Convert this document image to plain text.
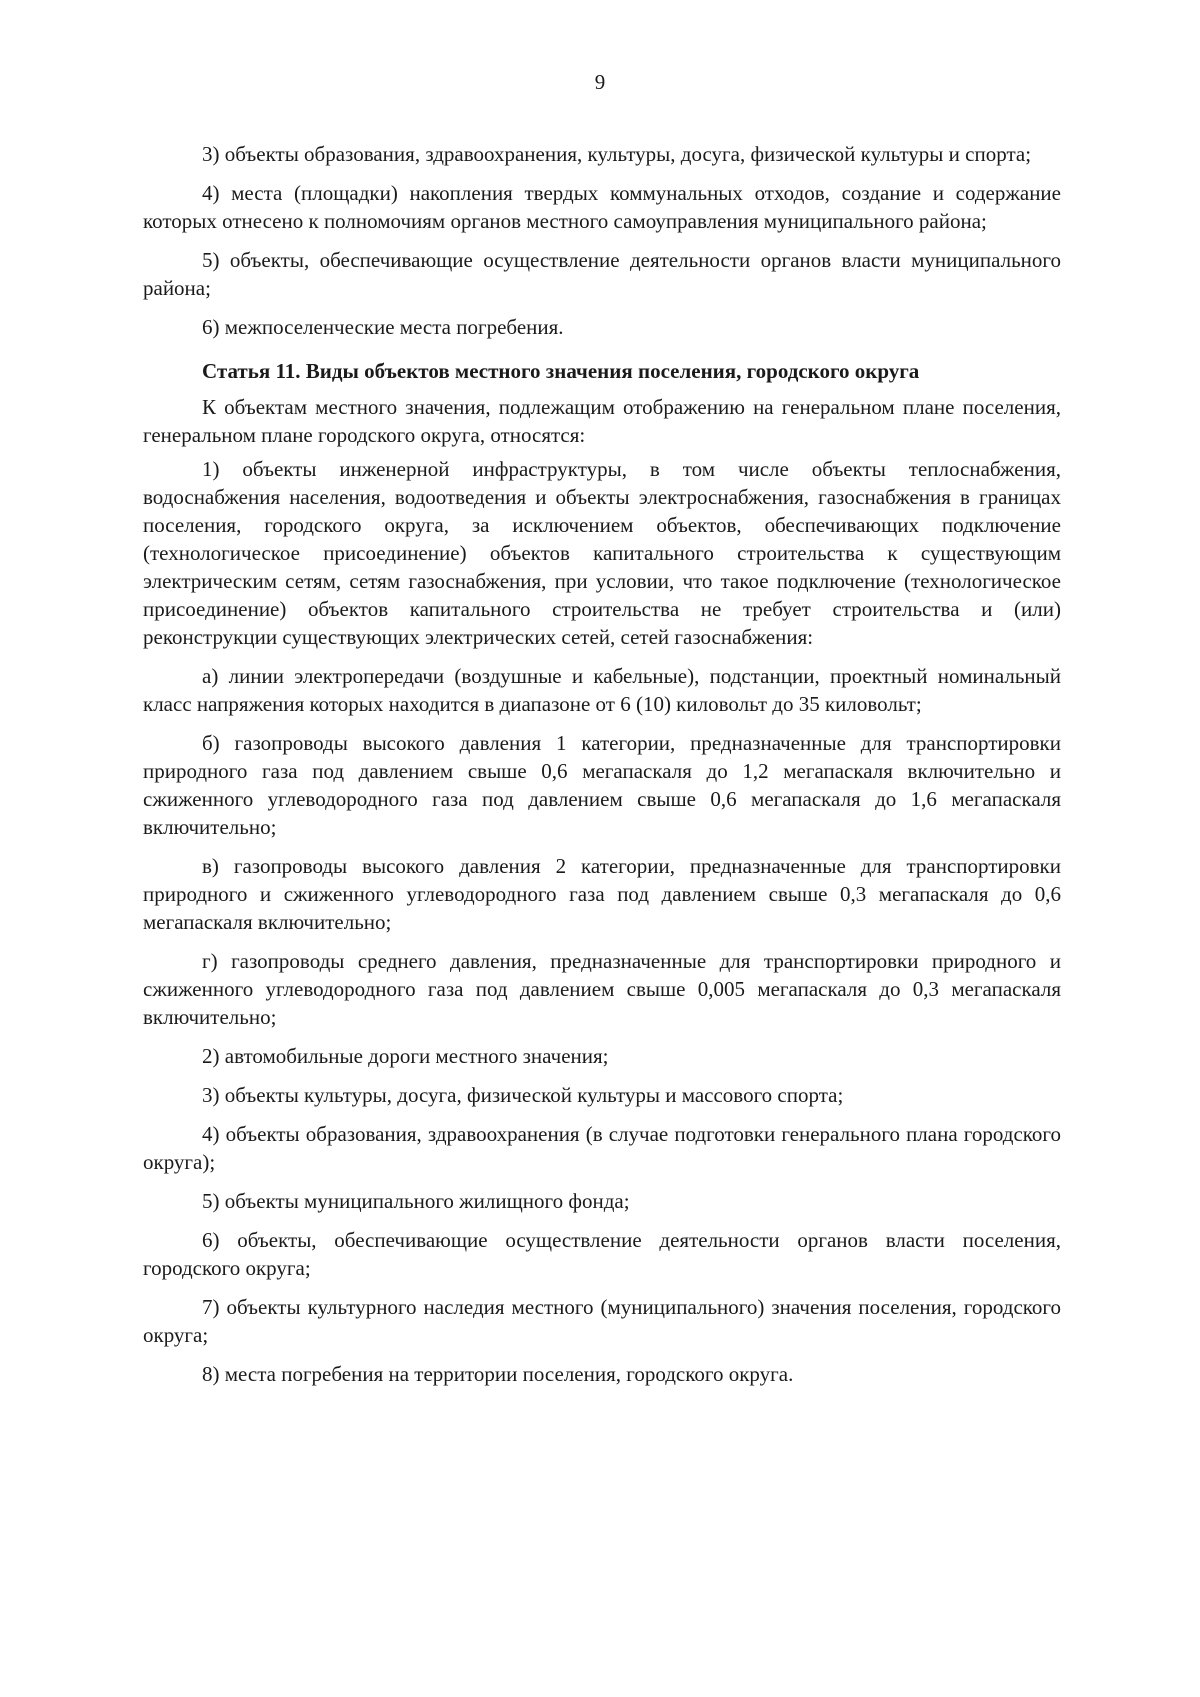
9

3) объекты образования, здравоохранения, культуры, досуга, физической культуры и спорта;

4) места (площадки) накопления твердых коммунальных отходов, создание и содержание которых отнесено к полномочиям органов местного самоуправления муниципального района;

5) объекты, обеспечивающие осуществление деятельности органов власти муниципального района;

6) межпоселенческие места погребения.

Статья 11. Виды объектов местного значения поселения, городского округа

К объектам местного значения, подлежащим отображению на генеральном плане поселения, генеральном плане городского округа, относятся:

1) объекты инженерной инфраструктуры, в том числе объекты теплоснабжения, водоснабжения населения, водоотведения и объекты электроснабжения, газоснабжения в границах поселения, городского округа, за исключением объектов, обеспечивающих подключение (технологическое присоединение) объектов капитального строительства к существующим электрическим сетям, сетям газоснабжения, при условии, что такое подключение (технологическое присоединение) объектов капитального строительства не требует строительства и (или) реконструкции существующих электрических сетей, сетей газоснабжения:

а) линии электропередачи (воздушные и кабельные), подстанции, проектный номинальный класс напряжения которых находится в диапазоне от 6 (10) киловольт до 35 киловольт;

б) газопроводы высокого давления 1 категории, предназначенные для транспортировки природного газа под давлением свыше 0,6 мегапаскаля до 1,2 мегапаскаля включительно и сжиженного углеводородного газа под давлением свыше 0,6 мегапаскаля до 1,6 мегапаскаля включительно;

в) газопроводы высокого давления 2 категории, предназначенные для транспортировки природного и сжиженного углеводородного газа под давлением свыше 0,3 мегапаскаля до 0,6 мегапаскаля включительно;

г) газопроводы среднего давления, предназначенные для транспортировки природного и сжиженного углеводородного газа под давлением свыше 0,005 мегапаскаля до 0,3 мегапаскаля включительно;

2) автомобильные дороги местного значения;

3) объекты культуры, досуга, физической культуры и массового спорта;

4) объекты образования, здравоохранения (в случае подготовки генерального плана городского округа);

5) объекты муниципального жилищного фонда;

6) объекты, обеспечивающие осуществление деятельности органов власти поселения, городского округа;

7) объекты культурного наследия местного (муниципального) значения поселения, городского округа;

8) места погребения на территории поселения, городского округа.
